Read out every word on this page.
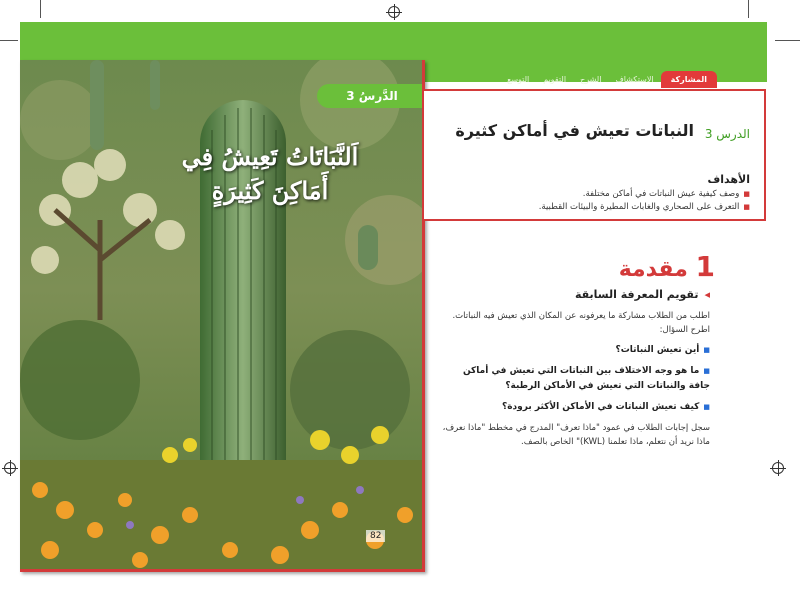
المشاركة
الاستكشاف
الشرح
التقويم
التوسع
الدَّرسُ 3
اَلنَّبَاتَاتُ تَعِيشُ فِي
أَمَاكِنَ كَثِيرَةٍ
82
الدرس 3
النباتات تعيش في أماكن كثيرة
الأهداف
■ وصف كيفية عيش النباتات في أماكن مختلفة.
■ التعرف على الصحاري والغابات المطيرة والبيئات القطبية.
1 مقدمة
◂ تقويم المعرفة السابقة

اطلب من الطلاب مشاركة ما يعرفونه عن المكان الذي تعيش فيه النباتات. اطرح السؤال:

■ أين تعيش النباتات؟

■ ما هو وجه الاختلاف بين النباتات التي تعيش في أماكن جافة والنباتات التي تعيش في الأماكن الرطبة؟

■ كيف تعيش النباتات في الأماكن الأكثر برودة؟

سجل إجابات الطلاب في عمود "ماذا تعرف" المدرج في مخطط "ماذا نعرف، ماذا نريد أن نتعلم، ماذا تعلمنا (KWL)" الخاص بالصف.
